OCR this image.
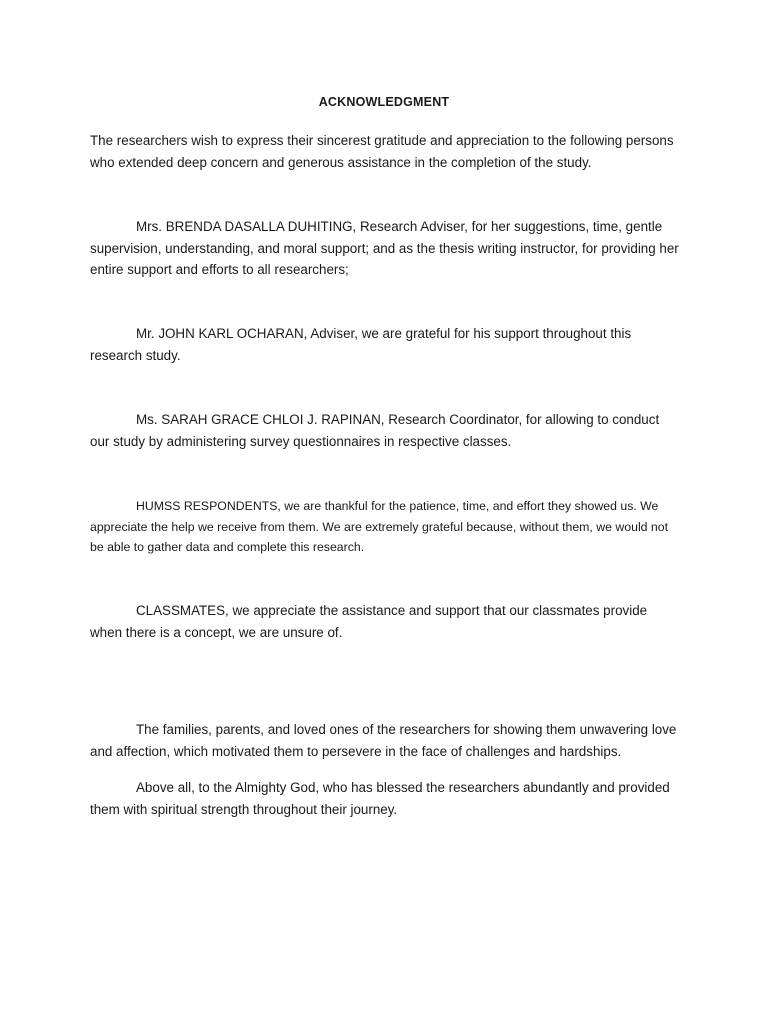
ACKNOWLEDGMENT

The researchers wish to express their sincerest gratitude and appreciation to the following persons who extended deep concern and generous assistance in the completion of the study.

Mrs. BRENDA DASALLA DUHITING, Research Adviser, for her suggestions, time, gentle supervision, understanding, and moral support; and as the thesis writing instructor, for providing her entire support and efforts to all researchers;

Mr. JOHN KARL OCHARAN, Adviser, we are grateful for his support throughout this research study.

Ms. SARAH GRACE CHLOI J. RAPINAN, Research Coordinator, for allowing to conduct our study by administering survey questionnaires in respective classes.

HUMSS RESPONDENTS, we are thankful for the patience, time, and effort they showed us. We appreciate the help we receive from them. We are extremely grateful because, without them, we would not be able to gather data and complete this research.

CLASSMATES, we appreciate the assistance and support that our classmates provide when there is a concept, we are unsure of.

The families, parents, and loved ones of the researchers for showing them unwavering love and affection, which motivated them to persevere in the face of challenges and hardships.

Above all, to the Almighty God, who has blessed the researchers abundantly and provided them with spiritual strength throughout their journey.
